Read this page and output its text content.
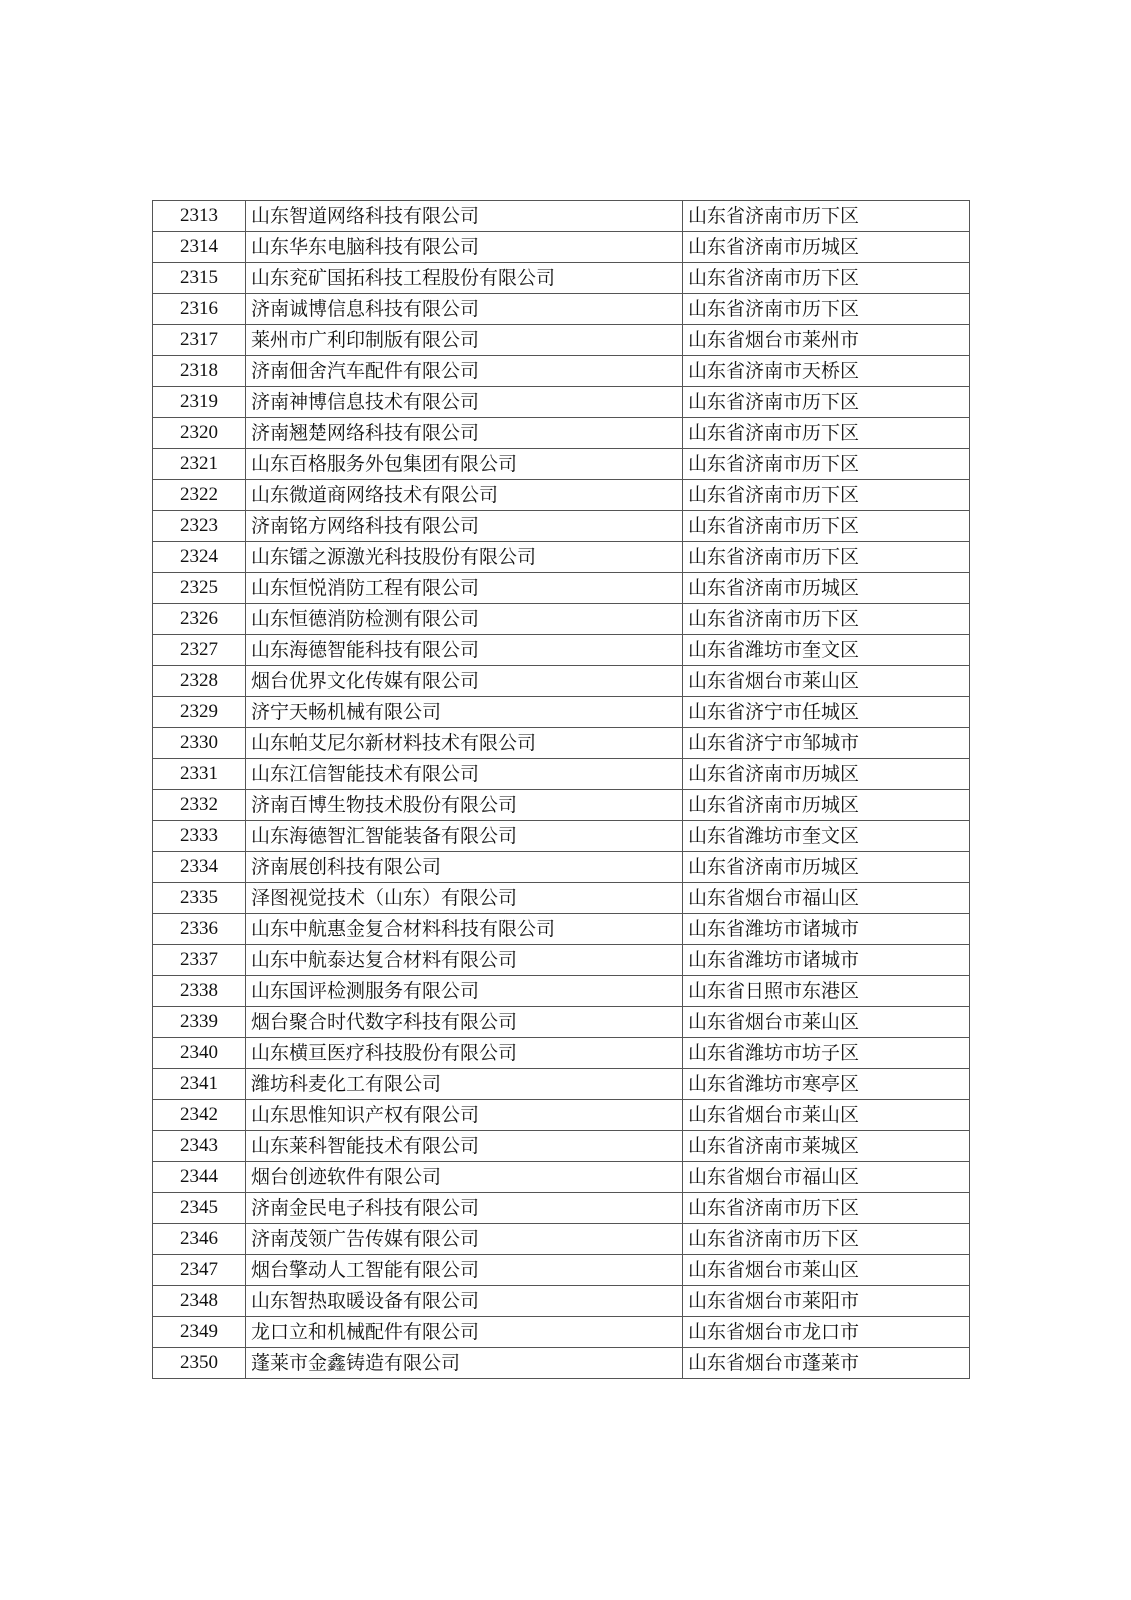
2313	山东智道网络科技有限公司	山东省济南市历下区
2314	山东华东电脑科技有限公司	山东省济南市历城区
2315	山东兖矿国拓科技工程股份有限公司	山东省济南市历下区
2316	济南诚博信息科技有限公司	山东省济南市历下区
2317	莱州市广利印制版有限公司	山东省烟台市莱州市
2318	济南佃舍汽车配件有限公司	山东省济南市天桥区
2319	济南神博信息技术有限公司	山东省济南市历下区
2320	济南翘楚网络科技有限公司	山东省济南市历下区
2321	山东百格服务外包集团有限公司	山东省济南市历下区
2322	山东微道商网络技术有限公司	山东省济南市历下区
2323	济南铭方网络科技有限公司	山东省济南市历下区
2324	山东镭之源激光科技股份有限公司	山东省济南市历下区
2325	山东恒悦消防工程有限公司	山东省济南市历城区
2326	山东恒德消防检测有限公司	山东省济南市历下区
2327	山东海德智能科技有限公司	山东省潍坊市奎文区
2328	烟台优界文化传媒有限公司	山东省烟台市莱山区
2329	济宁天畅机械有限公司	山东省济宁市任城区
2330	山东帕艾尼尔新材料技术有限公司	山东省济宁市邹城市
2331	山东江信智能技术有限公司	山东省济南市历城区
2332	济南百博生物技术股份有限公司	山东省济南市历城区
2333	山东海德智汇智能装备有限公司	山东省潍坊市奎文区
2334	济南展创科技有限公司	山东省济南市历城区
2335	泽图视觉技术（山东）有限公司	山东省烟台市福山区
2336	山东中航惠金复合材料科技有限公司	山东省潍坊市诸城市
2337	山东中航泰达复合材料有限公司	山东省潍坊市诸城市
2338	山东国评检测服务有限公司	山东省日照市东港区
2339	烟台聚合时代数字科技有限公司	山东省烟台市莱山区
2340	山东横亘医疗科技股份有限公司	山东省潍坊市坊子区
2341	潍坊科麦化工有限公司	山东省潍坊市寒亭区
2342	山东思惟知识产权有限公司	山东省烟台市莱山区
2343	山东莱科智能技术有限公司	山东省济南市莱城区
2344	烟台创迹软件有限公司	山东省烟台市福山区
2345	济南金民电子科技有限公司	山东省济南市历下区
2346	济南茂领广告传媒有限公司	山东省济南市历下区
2347	烟台擎动人工智能有限公司	山东省烟台市莱山区
2348	山东智热取暖设备有限公司	山东省烟台市莱阳市
2349	龙口立和机械配件有限公司	山东省烟台市龙口市
2350	蓬莱市金鑫铸造有限公司	山东省烟台市蓬莱市
